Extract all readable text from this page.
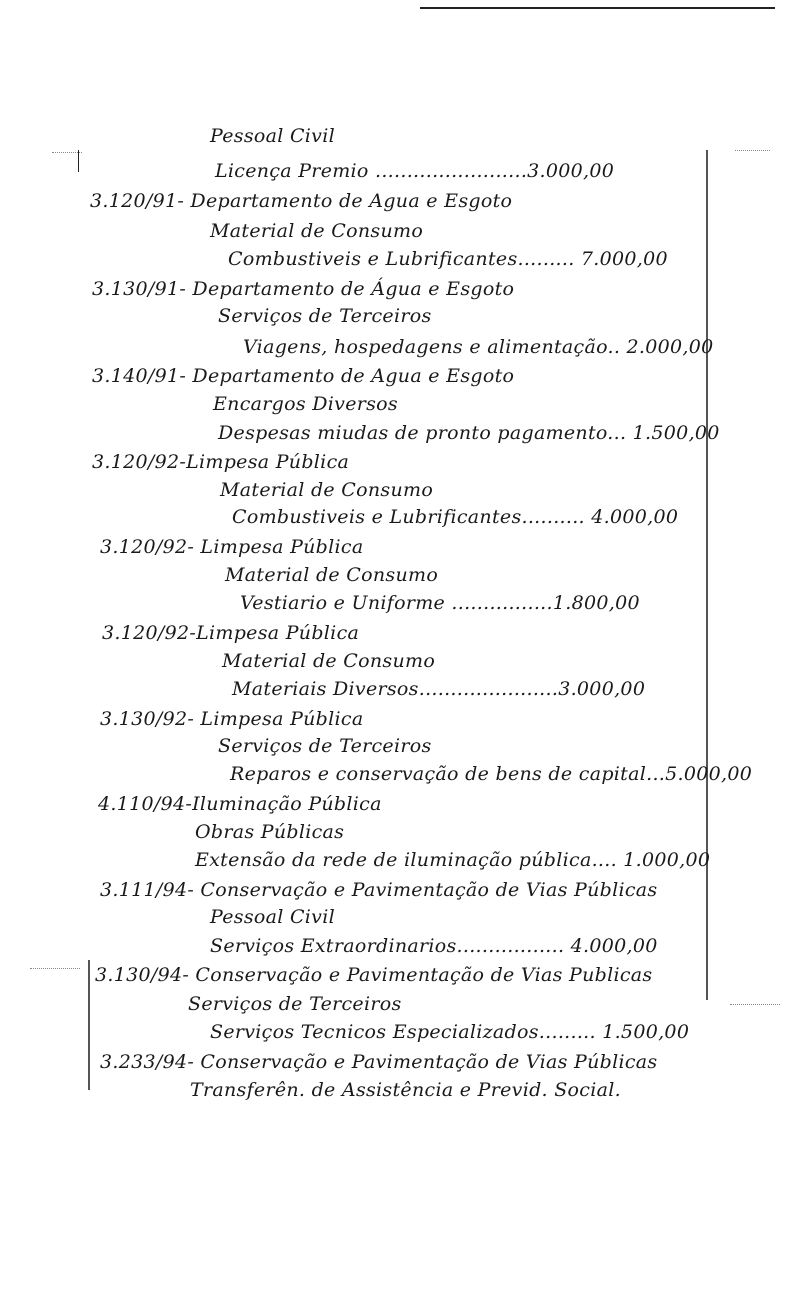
Pessoal Civil
Licença Premio ........................3.000,00
3.120/91- Departamento de Agua e Esgoto
Material de Consumo
Combustiveis e Lubrificantes......... 7.000,00
3.130/91- Departamento de Água e Esgoto
Serviços de Terceiros
Viagens, hospedagens e alimentação.. 2.000,00
3.140/91- Departamento de Agua e Esgoto
Encargos Diversos
Despesas miudas de pronto pagamento... 1.500,00
3.120/92-Limpesa Pública
Material de Consumo
Combustiveis e Lubrificantes.......... 4.000,00
3.120/92- Limpesa Pública
Material de Consumo
Vestiario e Uniforme ................1.800,00
3.120/92-Limpesa Pública
Material de Consumo
Materiais Diversos......................3.000,00
3.130/92- Limpesa Pública
Serviços de Terceiros
Reparos e conservação de bens de capital...5.000,00
4.110/94-Iluminação Pública
Obras Públicas
Extensão da rede de iluminação pública.... 1.000,00
3.111/94- Conservação e Pavimentação de Vias Públicas
Pessoal Civil
Serviços Extraordinarios................. 4.000,00
3.130/94- Conservação e Pavimentação de Vias Publicas
Serviços de Terceiros
Serviços Tecnicos Especializados......... 1.500,00
3.233/94- Conservação e Pavimentação de Vias Públicas
Transferên. de Assistência e Previd. Social.
